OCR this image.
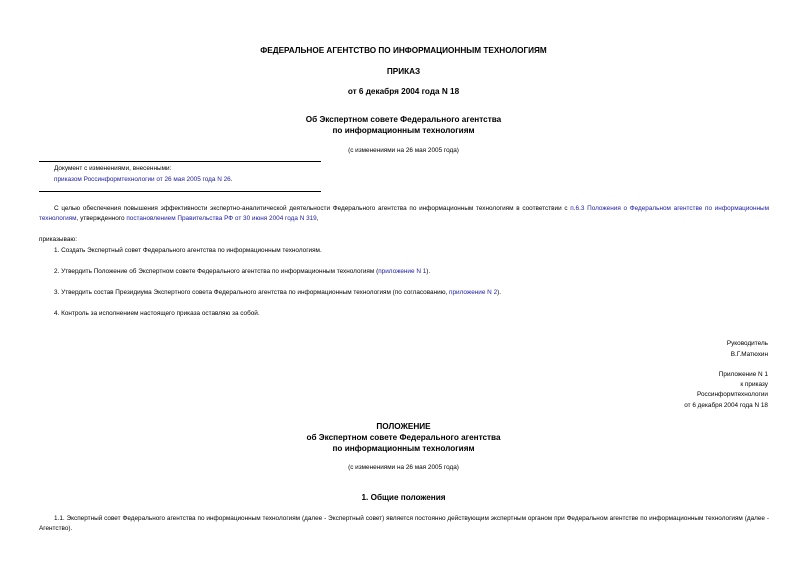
ФЕДЕРАЛЬНОЕ АГЕНТСТВО ПО ИНФОРМАЦИОННЫМ ТЕХНОЛОГИЯМ
ПРИКАЗ
от 6 декабря 2004 года N 18
Об Экспертном совете Федерального агентства
по информационным технологиям
(с изменениями на 26 мая 2005 года)
Документ с изменениями, внесенными:
приказом Россинформтехнологии от 26 мая 2005 года N 26.
С целью обеспечения повышения эффективности экспертно-аналитической деятельности Федерального агентства по информационным технологиям в соответствии с п.6.3 Положения о Федеральном агентстве по информационным технологиям, утвержденного постановлением Правительства РФ от 30 июня 2004 года N 319,
приказываю:
1. Создать Экспертный совет Федерального агентства по информационным технологиям.
2. Утвердить Положение об Экспертном совете Федерального агентства по информационным технологиям (приложение N 1).
3. Утвердить состав Президиума Экспертного совета Федерального агентства по информационным технологиям (по согласованию, приложение N 2).
4. Контроль за исполнением настоящего приказа оставляю за собой.
Руководитель
В.Г.Матюхин
Приложение N 1
к приказу
Россинформтехнологии
от 6 декабря 2004 года N 18
ПОЛОЖЕНИЕ
об Экспертном совете Федерального агентства
по информационным технологиям
(с изменениями на 26 мая 2005 года)
1. Общие положения
1.1. Экспертный совет Федерального агентства по информационным технологиям (далее - Экспертный совет) является постоянно действующим экспертным органом при Федеральном агентстве по информационным технологиям (далее - Агентство).
